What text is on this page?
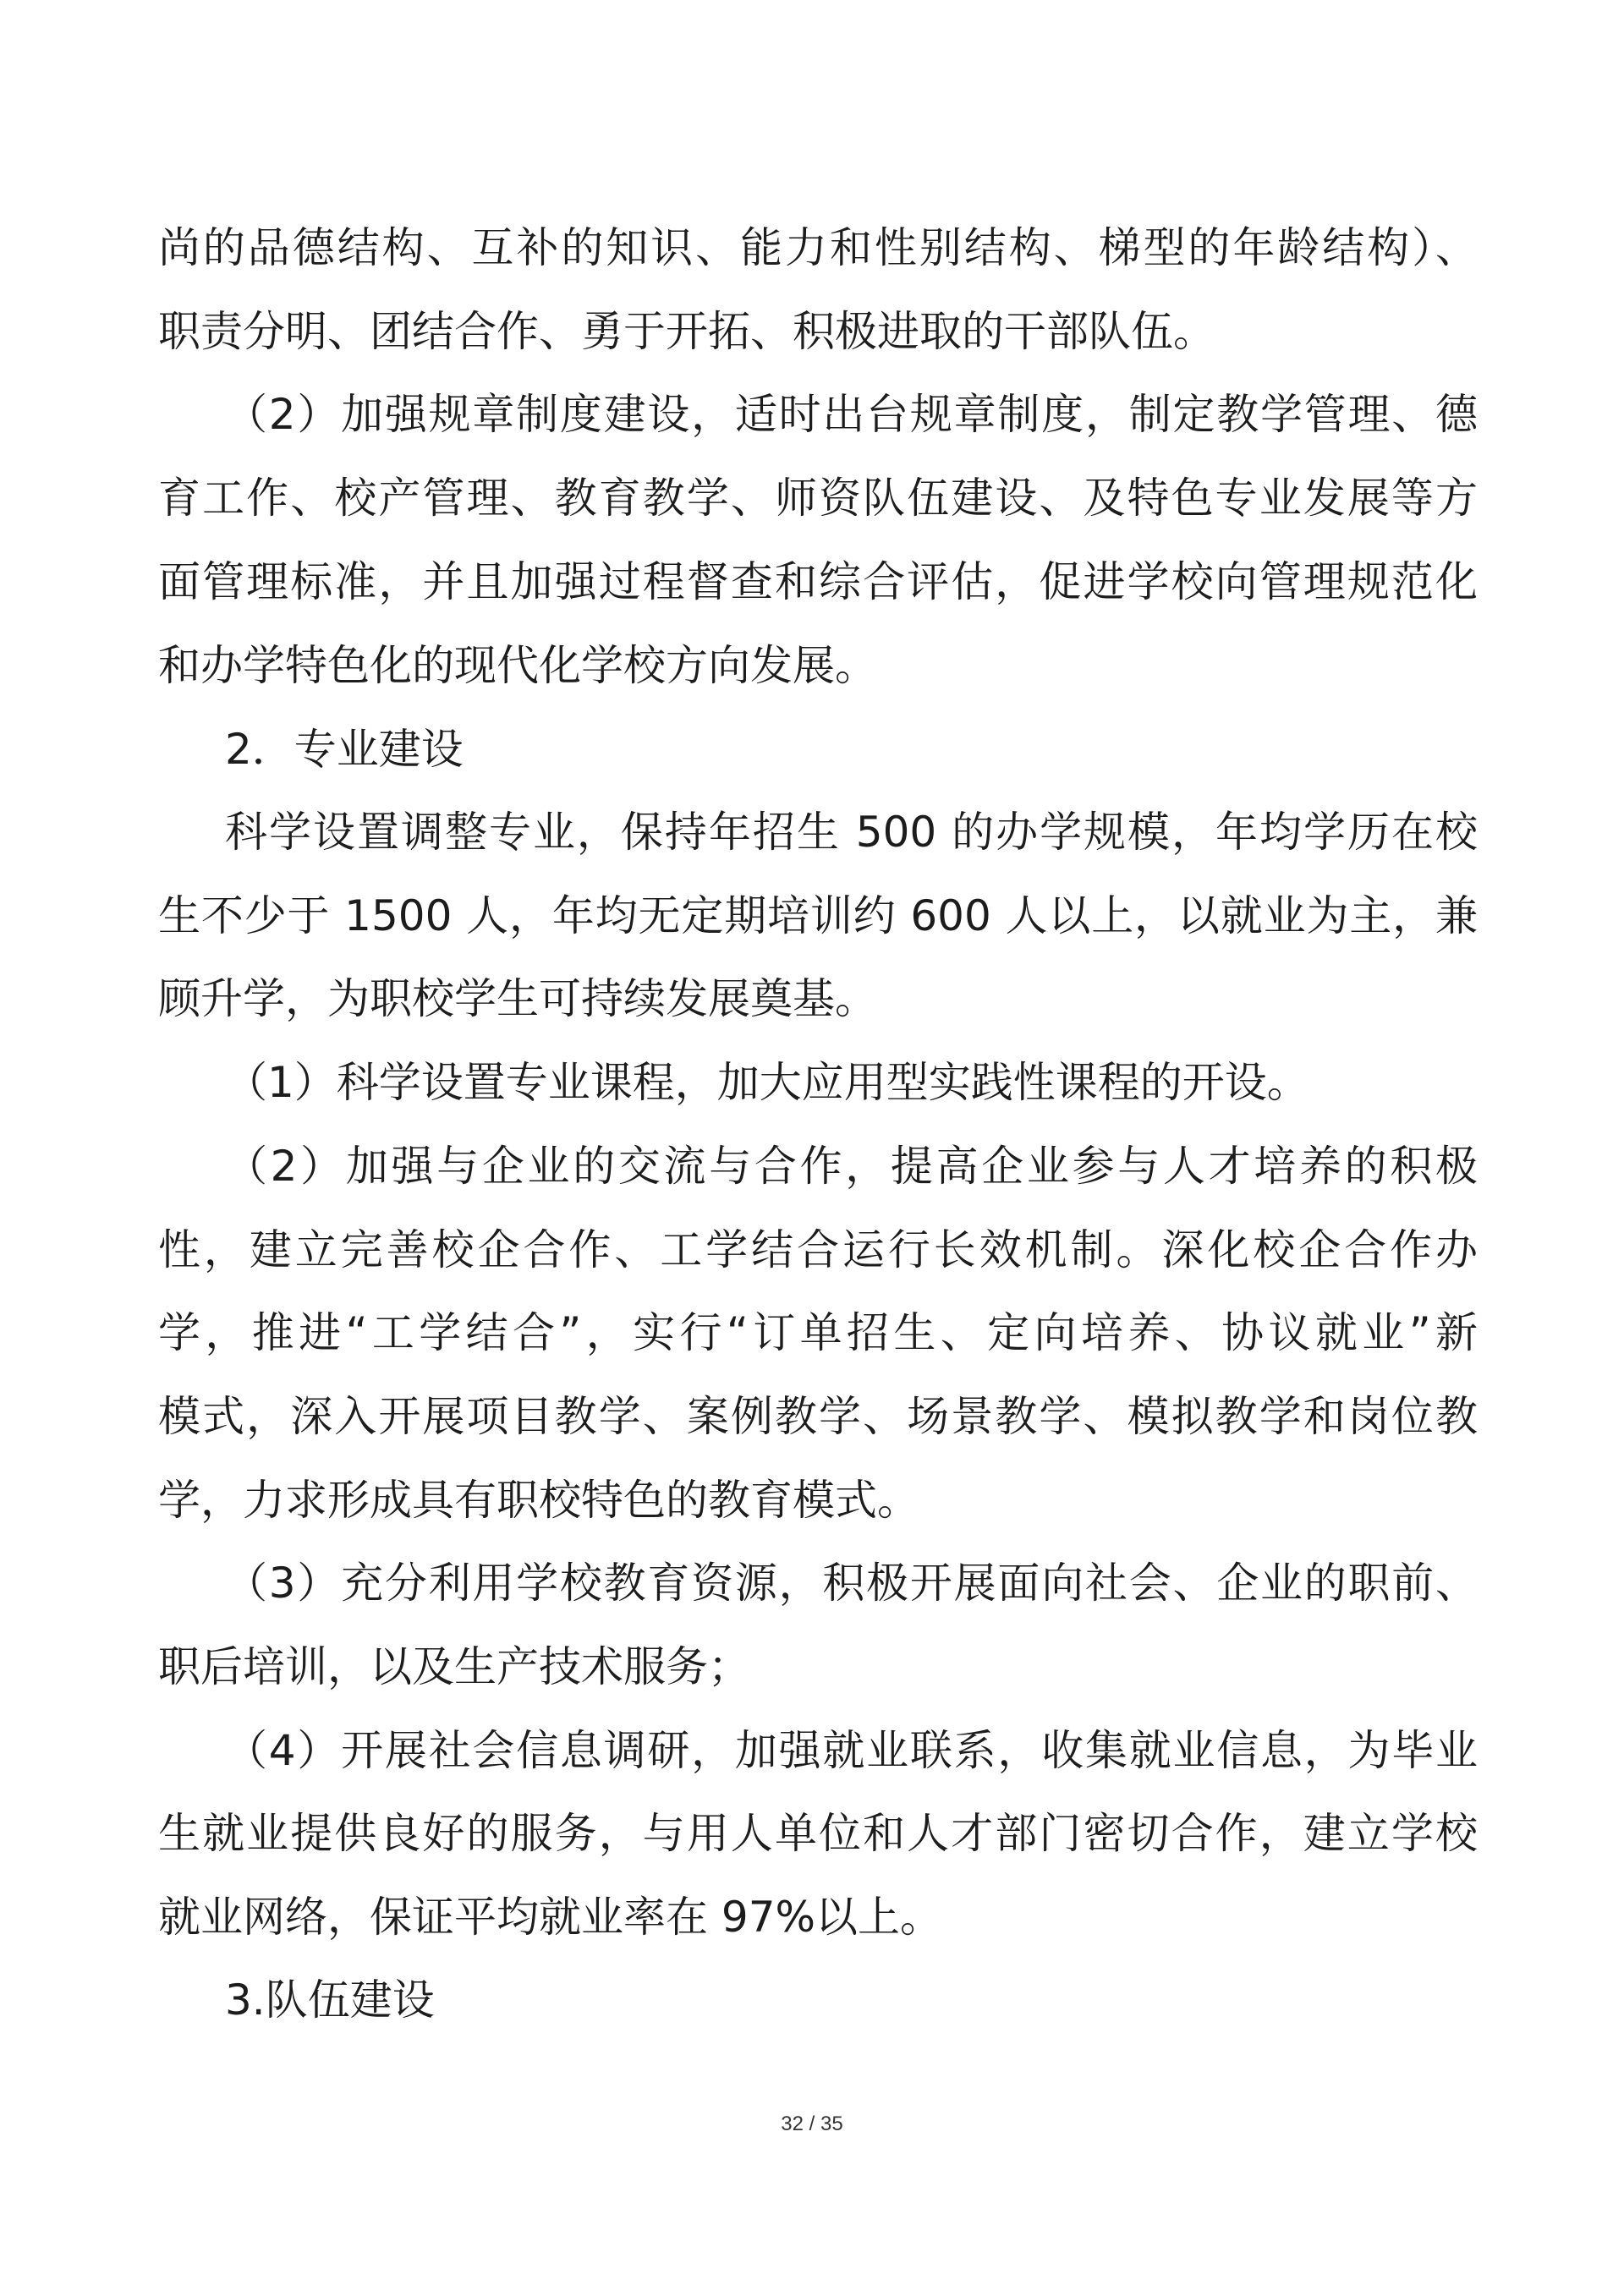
尚的品德结构、互补的知识、能力和性别结构、梯型的年龄结构）、
职责分明、团结合作、勇于开拓、积极进取的干部队伍。
（2）加强规章制度建设，适时出台规章制度，制定教学管理、德
育工作、校产管理、教育教学、师资队伍建设、及特色专业发展等方
面管理标准，并且加强过程督查和综合评估，促进学校向管理规范化
和办学特色化的现代化学校方向发展。
2．专业建设
科学设置调整专业，保持年招生 500 的办学规模，年均学历在校
生不少于 1500 人，年均无定期培训约 600 人以上，以就业为主，兼
顾升学，为职校学生可持续发展奠基。
（1）科学设置专业课程，加大应用型实践性课程的开设。
（2）加强与企业的交流与合作，提高企业参与人才培养的积极
性，建立完善校企合作、工学结合运行长效机制。深化校企合作办
学，推进“工学结合”，实行“订单招生、定向培养、协议就业”新
模式，深入开展项目教学、案例教学、场景教学、模拟教学和岗位教
学，力求形成具有职校特色的教育模式。
（3）充分利用学校教育资源，积极开展面向社会、企业的职前、
职后培训，以及生产技术服务；
（4）开展社会信息调研，加强就业联系，收集就业信息，为毕业
生就业提供良好的服务，与用人单位和人才部门密切合作，建立学校
就业网络，保证平均就业率在 97%以上。
3.队伍建设
32 / 35
